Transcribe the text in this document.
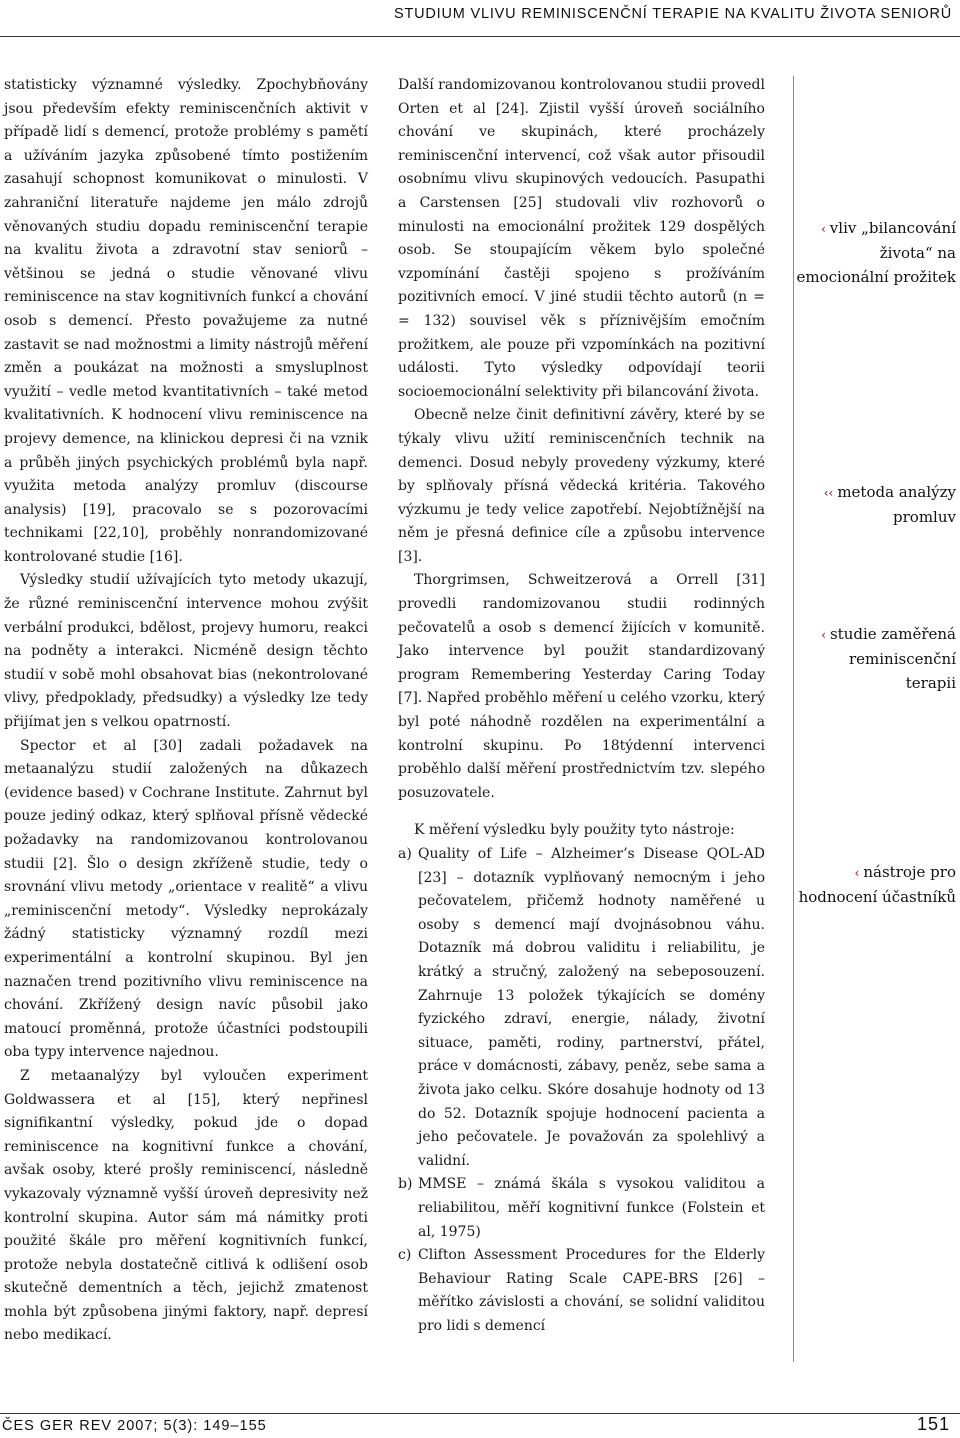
STUDIUM VLIVU REMINISCENČNÍ TERAPIE NA KVALITU ŽIVOTA SENIORŮ

statisticky významné výsledky. Zpochybňovány jsou především efekty reminiscenčních aktivit v případě lidí s demencí, protože problémy s pamětí a užíváním jazyka způsobené tímto postižením zasahují schopnost komunikovat o minulosti. V zahraniční literatuře najdeme jen málo zdrojů věnovaných studiu dopadu reminiscenční terapie na kvalitu života a zdravotní stav seniorů – většinou se jedná o studie věnované vlivu reminiscence na stav kognitivních funkcí a chování osob s demencí. Přesto považujeme za nutné zastavit se nad možnostmi a limity nástrojů měření změn a poukázat na možnosti a smysluplnost využití – vedle metod kvantitativních – také metod kvalitativních. K hodnocení vlivu reminiscence na projevy demence, na klinickou depresi či na vznik a průběh jiných psychických problémů byla např. využita metoda analýzy promluv (discourse analysis) [19], pracovalo se s pozorovacími technikami [22,10], proběhly nonrandomizované kontrolované studie [16].

Výsledky studií užívajících tyto metody ukazují, že různé reminiscenční intervence mohou zvýšit verbální produkci, bdělost, projevy humoru, reakci na podněty a interakci. Nicméně design těchto studií v sobě mohl obsahovat bias (nekontrolované vlivy, předpoklady, předsudky) a výsledky lze tedy přijímat jen s velkou opatrností.

Spector et al [30] zadali požadavek na metaanalýzu studií založených na důkazech (evidence based) v Cochrane Institute. Zahrnut byl pouze jediný odkaz, který splňoval přísně vědecké požadavky na randomizovanou kontrolovanou studii [2]. Šlo o design zkříženě studie, tedy o srovnání vlivu metody „orientace v realitě“ a vlivu „reminiscenční metody“. Výsledky neprokázaly žádný statisticky významný rozdíl mezi experimentální a kontrolní skupinou. Byl jen naznačen trend pozitivního vlivu reminiscence na chování. Zkřížený design navíc působil jako matoucí proměnná, protože účastníci podstoupili oba typy intervence najednou.

Z metaanalýzy byl vyloučen experiment Goldwassera et al [15], který nepřinesl signifikantní výsledky, pokud jde o dopad reminiscence na kognitivní funkce a chování, avšak osoby, které prošly reminiscencí, následně vykazovaly významně vyšší úroveň depresivity než kontrolní skupina. Autor sám má námitky proti použité škále pro měření kognitivních funkcí, protože nebyla dostatečně citlivá k odlišení osob skutečně dementních a těch, jejichž zmatenost mohla být způsobena jinými faktory, např. depresí nebo medikací.

Další randomizovanou kontrolovanou studii provedl Orten et al [24]. Zjistil vyšší úroveň sociálního chování ve skupinách, které procházely reminiscenční intervencí, což však autor přisoudil osobnímu vlivu skupinových vedoucích. Pasupathi a Carstensen [25] studovali vliv rozhovorů o minulosti na emocionální prožitek 129 dospělých osob. Se stoupajícím věkem bylo společné vzpomínání častěji spojeno s prožíváním pozitivních emocí. V jiné studii těchto autorů (n = = 132) souvisel věk s příznivějším emočním prožitkem, ale pouze při vzpomínkách na pozitivní události. Tyto výsledky odpovídají teorii socioemocionální selektivity při bilancování života.

Obecně nelze činit definitivní závěry, které by se týkaly vlivu užití reminiscenčních technik na demenci. Dosud nebyly provedeny výzkumy, které by splňovaly přísná vědecká kritéria. Takového výzkumu je tedy velice zapotřebí. Nejobtížnější na něm je přesná definice cíle a způsobu intervence [3].

Thorgrimsen, Schweitzerová a Orrell [31] provedli randomizovanou studii rodinných pečovatelů a osob s demencí žijících v komunitě. Jako intervence byl použit standardizovaný program Remembering Yesterday Caring Today [7]. Napřed proběhlo měření u celého vzorku, který byl poté náhodně rozdělen na experimentální a kontrolní skupinu. Po 18týdenní intervenci proběhlo další měření prostřednictvím tzv. slepého posuzovatele.

K měření výsledku byly použity tyto nástroje:

a) Quality of Life – Alzheimer’s Disease QOL-AD [23] – dotazník vyplňovaný nemocným i jeho pečovatelem, přičemž hodnoty naměřené u osoby s demencí mají dvojnásobnou váhu. Dotazník má dobrou validitu i reliabilitu, je krátký a stručný, založený na sebeposouzení. Zahrnuje 13 položek týkajících se domény fyzického zdraví, energie, nálady, životní situace, paměti, rodiny, partnerství, přátel, práce v domácnosti, zábavy, peněz, sebe sama a života jako celku. Skóre dosahuje hodnoty od 13 do 52. Dotazník spojuje hodnocení pacienta a jeho pečovatele. Je považován za spolehlivý a validní.
b) MMSE – známá škála s vysokou validitou a reliabilitou, měří kognitivní funkce (Folstein et al, 1975)
c) Clifton Assessment Procedures for the Elderly Behaviour Rating Scale CAPE-BRS [26] – měřítko závislosti a chování, se solidní validitou pro lidi s demencí
‹ vliv „bilancování života“ na emocionální prožitek
‹‹ metoda analýzy promluv
‹ studie zaměřená reminiscenční terapii
‹ nástroje pro hodnocení účastníků
ČES GER REV 2007; 5(3): 149–155	151
